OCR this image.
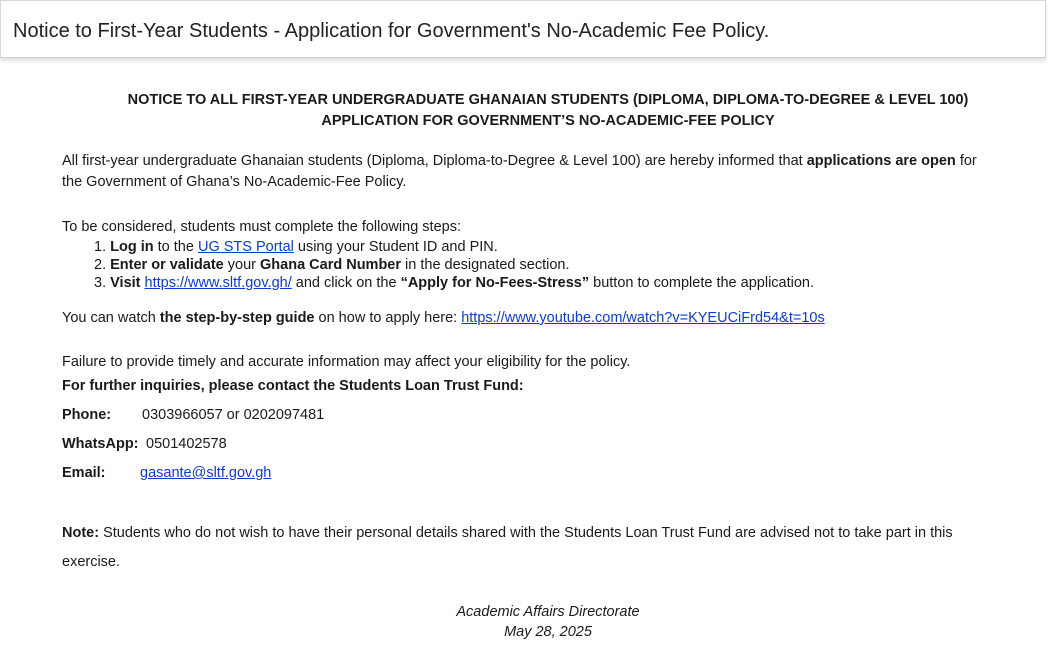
Notice to First-Year Students - Application for Government's No-Academic Fee Policy.
NOTICE TO ALL FIRST-YEAR UNDERGRADUATE GHANAIAN STUDENTS (DIPLOMA, DIPLOMA-TO-DEGREE & LEVEL 100)
APPLICATION FOR GOVERNMENT’S NO-ACADEMIC-FEE POLICY
All first-year undergraduate Ghanaian students (Diploma, Diploma-to-Degree & Level 100) are hereby informed that applications are open for
the Government of Ghana’s No-Academic-Fee Policy.
To be considered, students must complete the following steps:
1. Log in to the UG STS Portal using your Student ID and PIN.
2. Enter or validate your Ghana Card Number in the designated section.
3. Visit https://www.sltf.gov.gh/ and click on the “Apply for No-Fees-Stress” button to complete the application.
You can watch the step-by-step guide on how to apply here: https://www.youtube.com/watch?v=KYEUCiFrd54&t=10s
Failure to provide timely and accurate information may affect your eligibility for the policy.
For further inquiries, please contact the Students Loan Trust Fund:
Phone: 0303966057 or 0202097481
WhatsApp: 0501402578
Email: gasante@sltf.gov.gh
Note: Students who do not wish to have their personal details shared with the Students Loan Trust Fund are advised not to take part in this
exercise.
Academic Affairs Directorate
May 28, 2025
